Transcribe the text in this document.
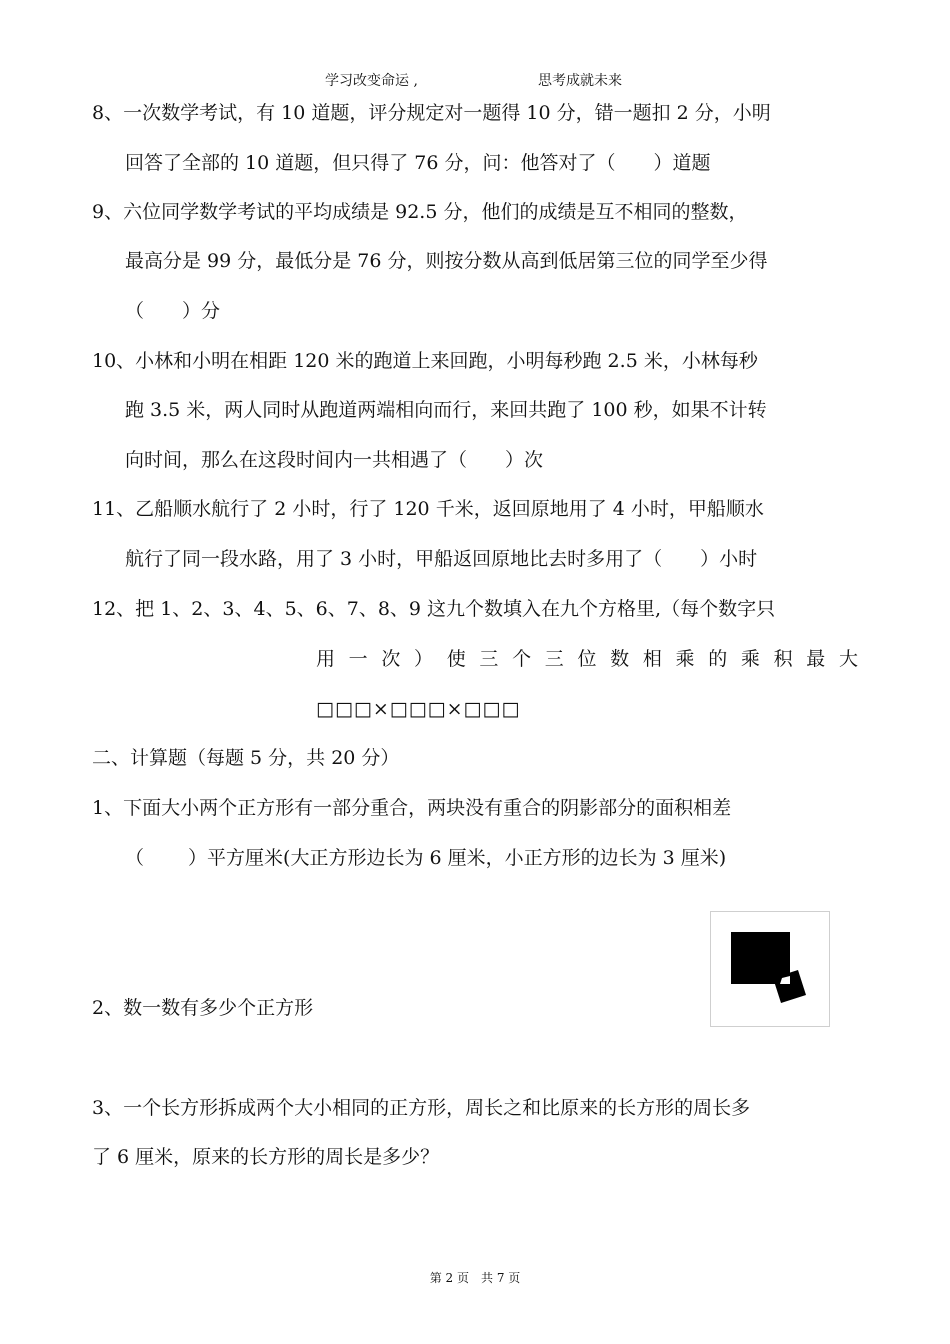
学习改变命运 ,	思考成就未来
8、一次数学考试，有 10 道题，评分规定对一题得 10 分，错一题扣 2 分，小明
回答了全部的 10 道题，但只得了 76 分，问：他答对了（　　）道题
9、六位同学数学考试的平均成绩是 92.5 分，他们的成绩是互不相同的整数，
最高分是 99 分，最低分是 76 分，则按分数从高到低居第三位的同学至少得
（　　）分
10、小林和小明在相距 120 米的跑道上来回跑，小明每秒跑 2.5 米，小林每秒
跑 3.5 米，两人同时从跑道两端相向而行，来回共跑了 100 秒，如果不计转
向时间，那么在这段时间内一共相遇了（　　）次
11、乙船顺水航行了 2 小时，行了 120 千米，返回原地用了 4 小时，甲船顺水
航行了同一段水路，用了 3 小时，甲船返回原地比去时多用了（　　）小时
12、把 1、2、3、4、5、6、7、8、9 这九个数填入在九个方格里,（每个数字只
用 一 次 ） 使 三 个 三 位 数 相 乘 的 乘 积 最 大
□□□×□□□×□□□
二、计算题（每题 5 分，共 20 分）
1、下面大小两个正方形有一部分重合，两块没有重合的阴影部分的面积相差
（　　 ）平方厘米(大正方形边长为 6 厘米，小正方形的边长为 3 厘米)
2、数一数有多少个正方形
3、一个长方形拆成两个大小相同的正方形，周长之和比原来的长方形的周长多
了 6 厘米，原来的长方形的周长是多少？
第 2 页　共 7 页
